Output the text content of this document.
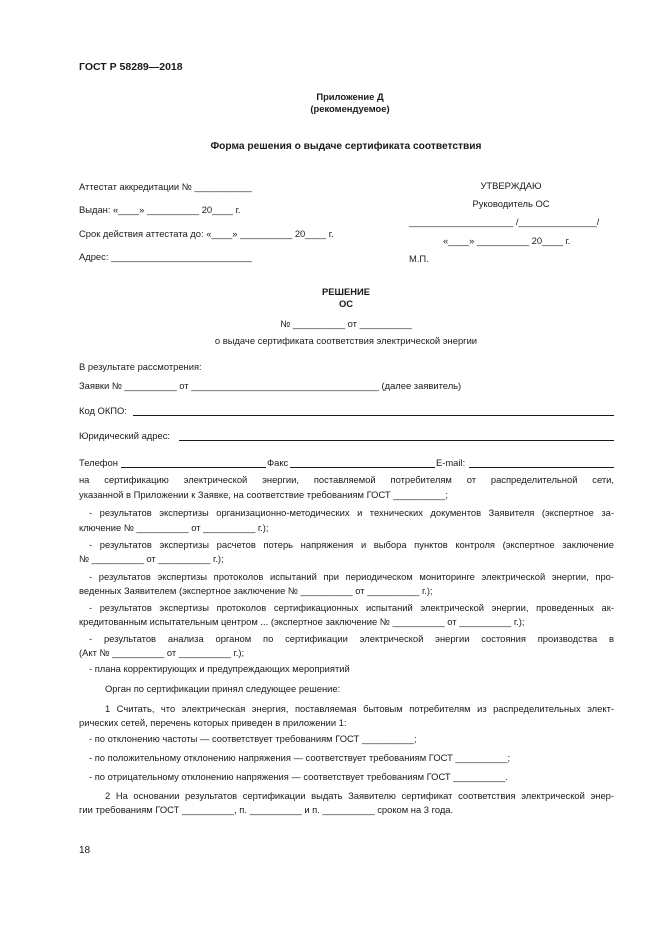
ГОСТ Р 58289—2018
Приложение Д
(рекомендуемое)
Форма решения о выдаче сертификата соответствия
Аттестат аккредитации № ___________
Выдан: «____» __________ 20____ г.
Срок действия аттестата до: «____» __________ 20____ г.
Адрес: ___________________________
УТВЕРЖДАЮ
Руководитель ОС
____________________ /_______________/
«____» __________ 20____ г.
М.П.
РЕШЕНИЕ
ОС
№ __________ от __________
о выдаче сертификата соответствия электрической энергии
В результате рассмотрения:
Заявки № __________ от ____________________________________ (далее заявитель)
Код ОКПО:
Юридический адрес:
Телефон	Факс	E-mail:
на сертификацию электрической энергии, поставляемой потребителям от распределительной сети,
указанной в Приложении к Заявке, на соответствие требованиям ГОСТ __________;
- результатов экспертизы организационно-методических и технических документов Заявителя (экспертное за-
ключение № __________ от __________ г.);
- результатов экспертизы расчетов потерь напряжения и выбора пунктов контроля (экспертное заключение
№ __________ от __________ г.);
- результатов экспертизы протоколов испытаний при периодическом мониторинге электрической энергии, про-
веденных Заявителем (экспертное заключение № __________ от __________ г.);
- результатов экспертизы протоколов сертификационных испытаний электрической энергии, проведенных ак-
кредитованным испытательным центром ... (экспертное заключение № __________ от __________ г.);
- результатов анализа органом по сертификации электрической энергии состояния производства в
(Акт № __________ от __________ г.);
- плана корректирующих и предупреждающих мероприятий
Орган по сертификации принял следующее решение:
1 Считать, что электрическая энергия, поставляемая бытовым потребителям из распределительных элект-
рических сетей, перечень которых приведен в приложении 1:
- по отклонению частоты — соответствует требованиям ГОСТ __________;
- по положительному отклонению напряжения — соответствует требованиям ГОСТ __________;
- по отрицательному отклонению напряжения — соответствует требованиям ГОСТ __________.
2 На основании результатов сертификации выдать Заявителю сертификат соответствия электрической энер-
гии требованиям ГОСТ __________, п. __________ и п. __________ сроком на 3 года.
18
